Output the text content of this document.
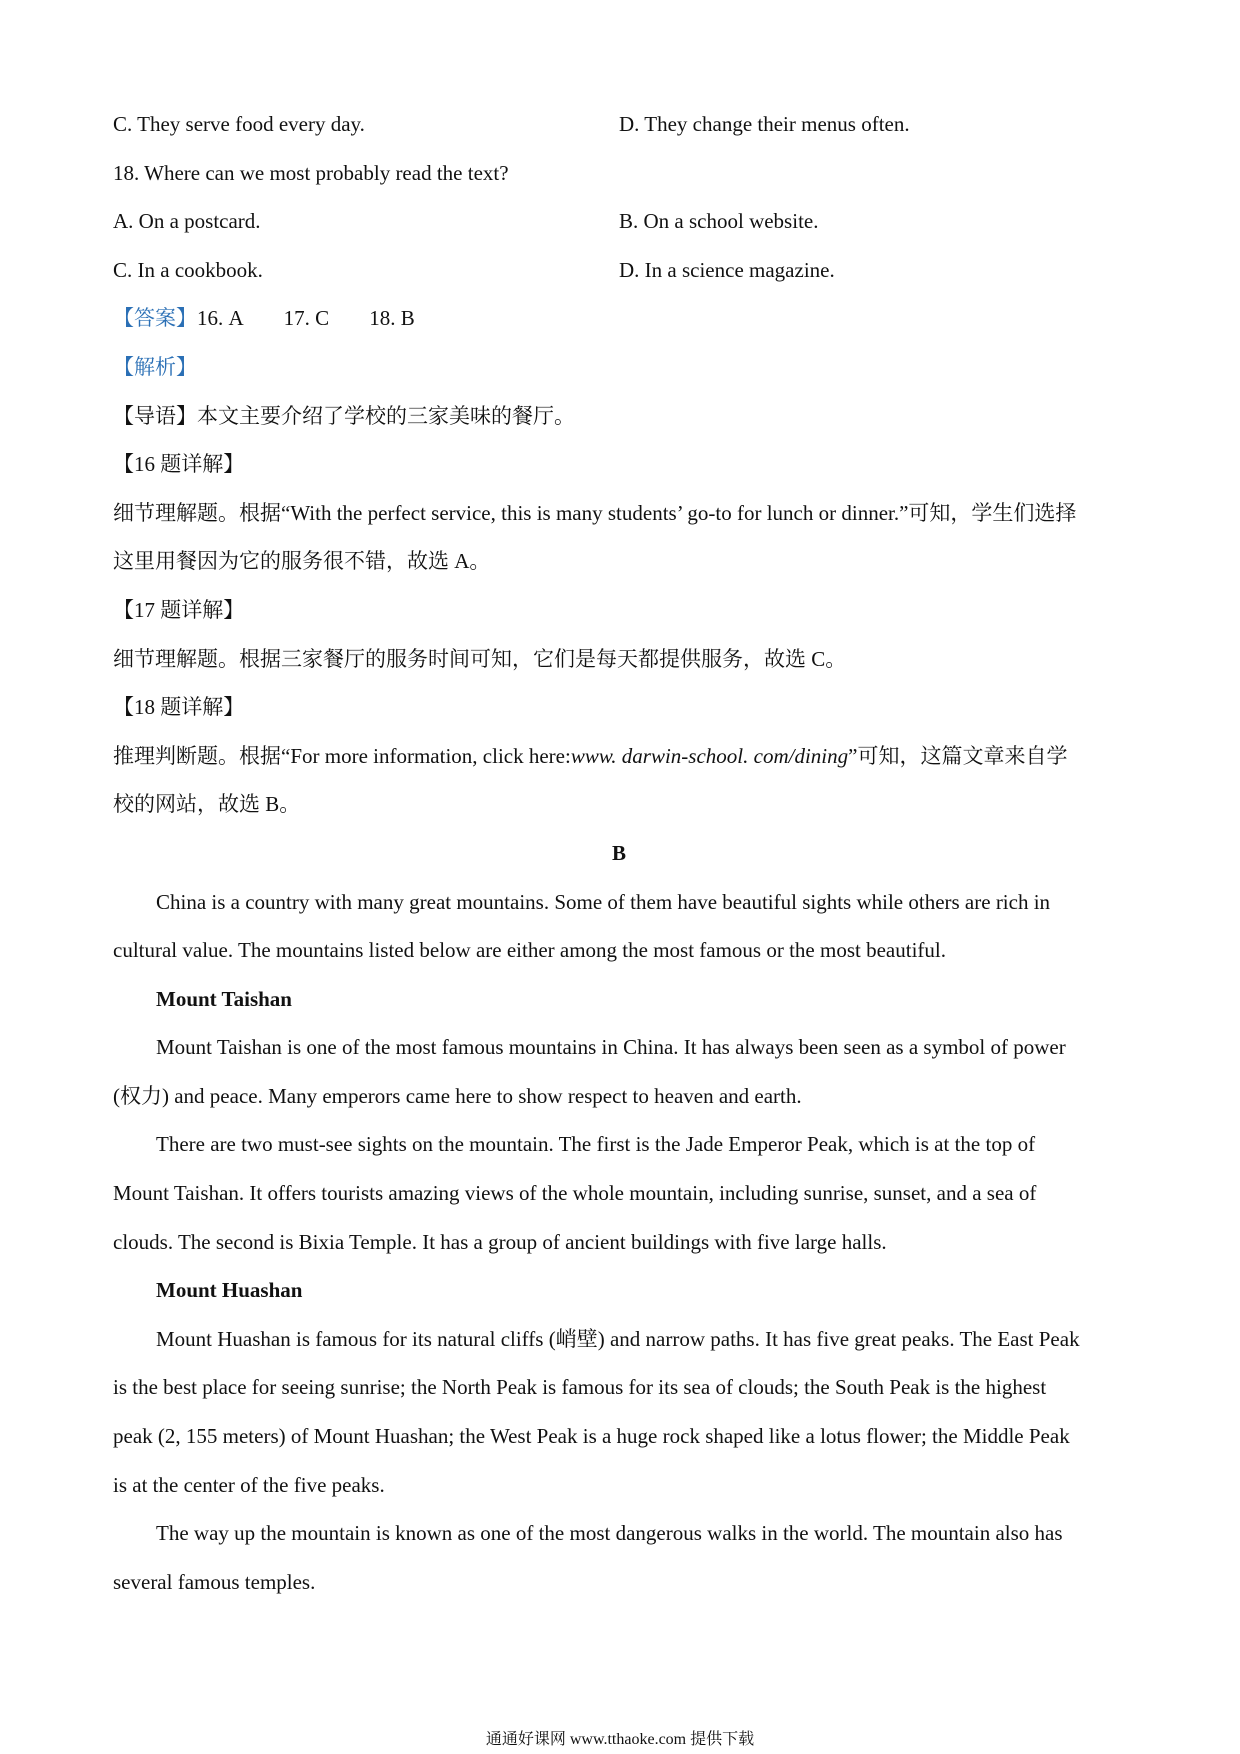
C. They serve food every day.	D. They change their menus often.
18. Where can we most probably read the text?
A. On a postcard.	B. On a school website.
C. In a cookbook.	D. In a science magazine.
【答案】16. A 17. C 18. B
【解析】
【导语】本文主要介绍了学校的三家美味的餐厅。
【16 题详解】
细节理解题。根据“With the perfect service, this is many students’ go-to for lunch or dinner.”可知，学生们选择
这里用餐因为它的服务很不错，故选 A。
【17 题详解】
细节理解题。根据三家餐厅的服务时间可知，它们是每天都提供服务，故选 C。
【18 题详解】
推理判断题。根据“For more information, click here:www. darwin-school. com/dining”可知，这篇文章来自学
校的网站，故选 B。
B
China is a country with many great mountains. Some of them have beautiful sights while others are rich in
cultural value. The mountains listed below are either among the most famous or the most beautiful.
Mount Taishan
Mount Taishan is one of the most famous mountains in China. It has always been seen as a symbol of power
(权力) and peace. Many emperors came here to show respect to heaven and earth.
There are two must-see sights on the mountain. The first is the Jade Emperor Peak, which is at the top of
Mount Taishan. It offers tourists amazing views of the whole mountain, including sunrise, sunset, and a sea of
clouds. The second is Bixia Temple. It has a group of ancient buildings with five large halls.
Mount Huashan
Mount Huashan is famous for its natural cliffs (峭壁) and narrow paths. It has five great peaks. The East Peak
is the best place for seeing sunrise; the North Peak is famous for its sea of clouds; the South Peak is the highest
peak (2, 155 meters) of Mount Huashan; the West Peak is a huge rock shaped like a lotus flower; the Middle Peak
is at the center of the five peaks.
The way up the mountain is known as one of the most dangerous walks in the world. The mountain also has
several famous temples.
通通好课网 www.tthaoke.com 提供下载
